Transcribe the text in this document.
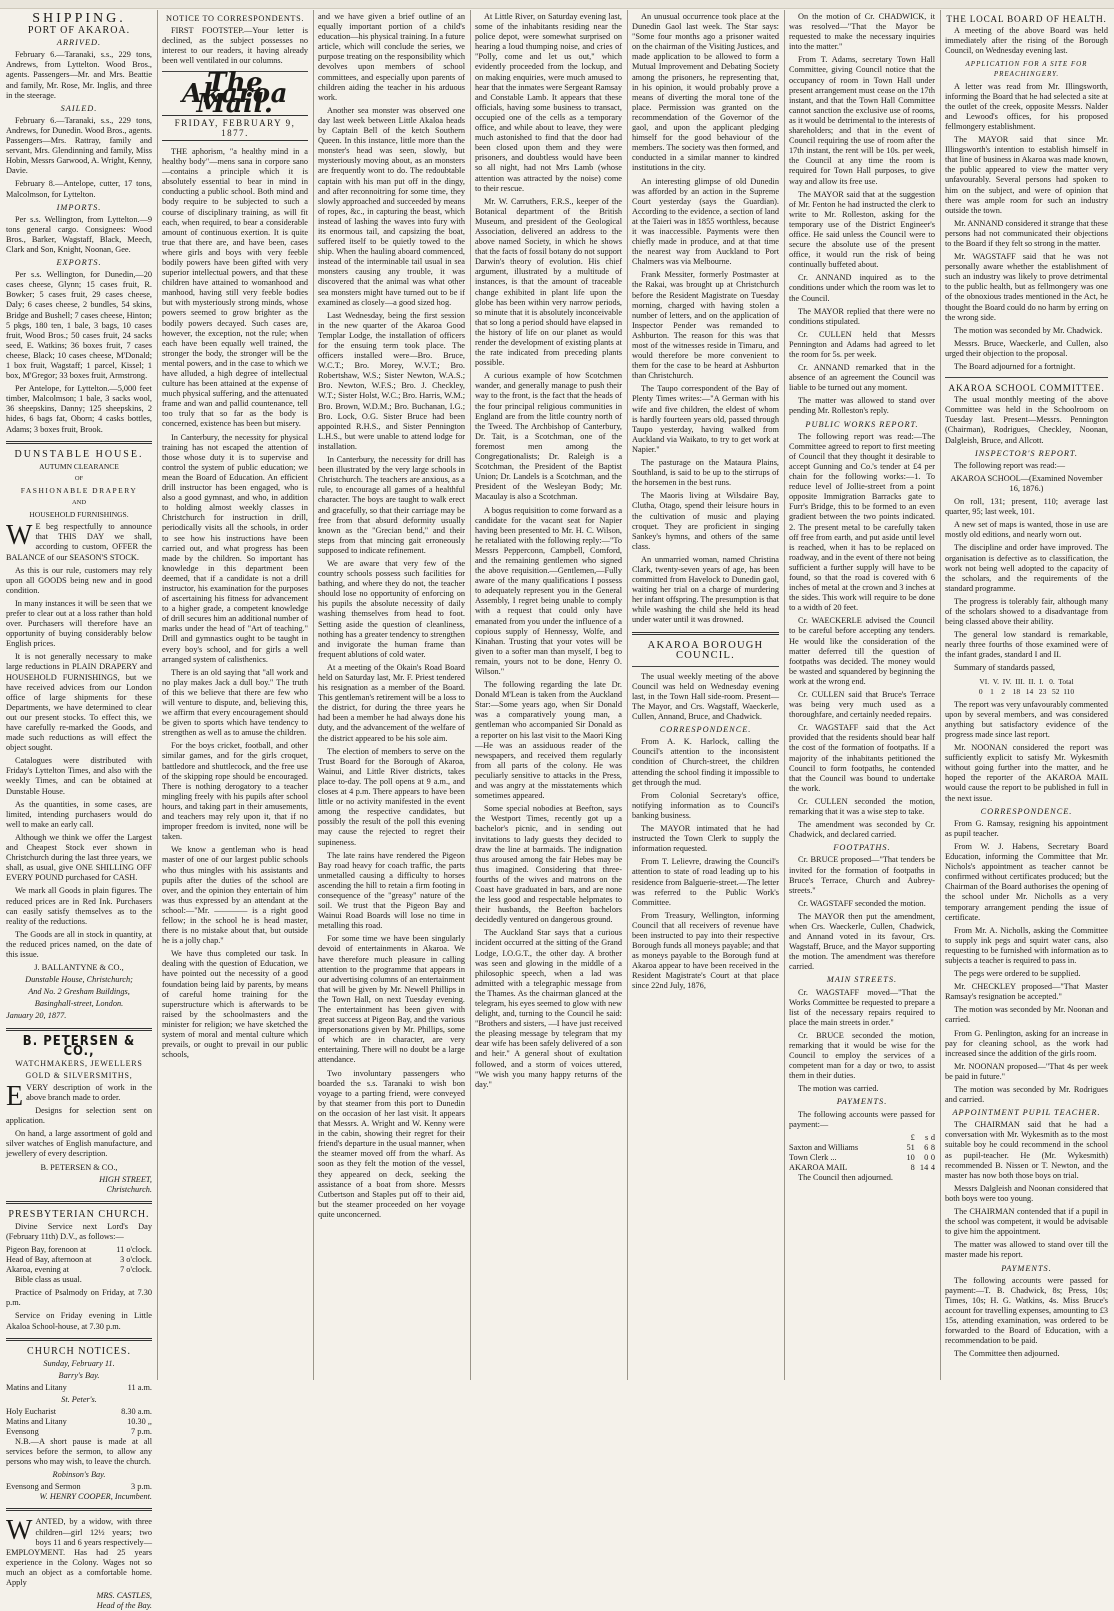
SHIPPING.
PORT OF AKAROA.
ARRIVED.

February 6.—Taranaki, s.s., 229 tons, Andrews, from Lyttelton. Wood Bros., agents. Passengers—Mr. and Mrs. Beattie and family, Mr. Rose, Mr. Inglis, and three in the steerage.

SAILED.

February 6.—Taranaki, s.s., 229 tons, Andrews, for Dunedin. Wood Bros., agents. Passengers—Mrs. Rattray, family and servant, Mrs. Glendinning and family, Miss Hobin, Messrs Garwood, A. Wright, Kenny, Davie.

February 8.—Antelope, cutter, 17 tons, Malcolmson, for Lyttelton.

IMPORTS.

Per s.s. Wellington, from Lyttelton.—9 tons general cargo. Consignees: Wood Bros., Barker, Wagstaff, Black, Meech, Clark and Son, Knight, Noonan, Gee.

EXPORTS.

Per s.s. Wellington, for Dunedin,—20 cases cheese, Glynn; 15 cases fruit, R. Bowker; 5 cases fruit, 29 cases cheese, Daly; 6 cases cheese, 2 bundles, 54 skins, Bridge and Bushell; 7 cases cheese, Hinton; 5 pkgs, 180 ten, 1 bale, 3 bags, 10 cases fruit, Wood Bros.; 50 cases fruit, 24 sacks seed, E. Watkins; 36 boxes fruit, 7 cases cheese, Black; 10 cases cheese, M'Donald; 1 box fruit, Wagstaff; 1 parcel, Kissel; 1 box, M'Gregor; 33 boxes fruit, Armstrong.

Per Antelope, for Lyttelton.—5,000 feet timber, Malcolmson; 1 bale, 3 sacks wool, 36 sheepskins, Danny; 125 sheepskins, 2 hides, 6 bags fat, Oborn; 4 casks bottles, Adams; 3 boxes fruit, Brook.

DUNSTABLE HOUSE.
AUTUMN CLEARANCE
OF
FASHIONABLE DRAPERY
AND
HOUSEHOLD FURNISHINGS.

W E beg respectfully to announce that THIS DAY we shall, according to custom, OFFER the BALANCE of our SEASON'S STOCK.

As this is our rule, customers may rely upon all GOODS being new and in good condition.

In many instances it will be seen that we prefer to clear out at a loss rather than hold over. Purchasers will therefore have an opportunity of buying considerably below English prices.

It is not generally necessary to make large reductions in PLAIN DRAPERY and HOUSEHOLD FURNISHINGS, but we have received advices from our London office of large shipments for these Departments, we have determined to clear out our present stocks. To effect this, we have carefully re-marked the Goods, and made such reductions as will effect the object sought.

Catalogues were distributed with Friday's Lyttelton Times, and also with the weekly Times, and can be obtained at Dunstable House.

As the quantities, in some cases, are limited, intending purchasers would do well to make an early call.

Although we think we offer the Largest and Cheapest Stock ever shown in Christchurch during the last three years, we shall, as usual, give ONE SHILLING OFF EVERY POUND purchased for CASH.

We mark all Goods in plain figures. The reduced prices are in Red Ink. Purchasers can easily satisfy themselves as to the reality of the reductions.

The Goods are all in stock in quantity, at the reduced prices named, on the date of this issue.

J. BALLANTYNE & CO.,
Dunstable House, Christchurch;
And No. 2 Gresham Buildings,
Basinghall-street, London.
January 20, 1877.
B. PETERSEN & CO.,
WATCHMAKERS, JEWELLERS
GOLD & SILVERSMITHS,

EVERY description of work in the above branch made to order.

Designs for selection sent on application.

On hand, a large assortment of gold and silver watches of English manufacture, and jewellery of every description.

B. PETERSEN & CO.,
HIGH STREET,
Christchurch.
PRESBYTERIAN CHURCH.

Divine Service next Lord's Day (February 11th) D.V., as follows:—

Pigeon Bay, forenoon at	11 o'clock.
Head of Bay, afternoon at	3 o'clock.
Akaroa, evening at	7 o'clock.

Bible class as usual.

Practice of Psalmody on Friday, at 7.30 p.m.

Service on Friday evening in Little Akaloa School-house, at 7.30 p.m.

CHURCH NOTICES.
Sunday, February 11.
Barry's Bay.
Matins and Litany	11 a.m.
St. Peter's.
Holy Eucharist	8.30 a.m.
Matins and Litany	10.30 ,,
Evensong	7 p.m.

N.B.—A short pause is made at all services before the sermon, to allow any persons who may wish, to leave the church.

Robinson's Bay.
Evensong and Sermon	3 p.m.
W. HENRY COOPER, Incumbent.

WANTED, by a widow, with three children—girl 12½ years; two boys 11 and 6 years respectively—EMPLOYMENT. Has had 25 years experience in the Colony. Wages not so much an object as a comfortable home. Apply

MRS. CASTLES,
Head of the Bay.
NOTICE TO CORRESPONDENTS.

FIRST FOOTSTEP.—Your letter is declined, as the subject possesses no interest to our readers, it having already been well ventilated in our columns.

The Akaroa Mail.
FRIDAY, FEBRUARY 9, 1877.

THE aphorism, "a healthy mind in a healthy body"—mens sana in corpore sano—contains a principle which it is absolutely essential to bear in mind in conducting a public school. Both mind and body require to be subjected to such a course of disciplinary training, as will fit each, when required, to bear a considerable amount of continuous exertion. It is quite true that there are, and have been, cases where girls and boys with very feeble bodily powers have been gifted with very superior intellectual powers, and that these children have attained to womanhood and manhood, having still very feeble bodies but with mysteriously strong minds, whose powers seemed to grow brighter as the bodily powers decayed. Such cases are, however, the exception, not the rule; when each have been equally well trained, the stronger the body, the stronger will be the mental powers, and in the case to which we have alluded, a high degree of intellectual culture has been attained at the expense of much physical suffering, and the attenuated frame and wan and pallid countenance, tell too truly that so far as the body is concerned, existence has been but misery.

In Canterbury, the necessity for physical training has not escaped the attention of those whose duty it is to supervise and control the system of public education; we mean the Board of Education. An efficient drill instructor has been engaged, who is also a good gymnast, and who, in addition to holding almost weekly classes in Christchurch for instruction in drill, periodically visits all the schools, in order to see how his instructions have been carried out, and what progress has been made by the children. So important has knowledge in this department been deemed, that if a candidate is not a drill instructor, his examination for the purposes of ascertaining his fitness for advancement to a higher grade, a competent knowledge of drill secures him an additional number of marks under the head of "Art of teaching." Drill and gymnastics ought to be taught in every boy's school, and for girls a well arranged system of calisthenics.

There is an old saying that "all work and no play makes Jack a dull boy." The truth of this we believe that there are few who will venture to dispute, and, believing this, we affirm that every encouragement should be given to sports which have tendency to strengthen as well as to amuse the children.

For the boys cricket, football, and other similar games, and for the girls croquet, battledore and shuttlecock, and the free use of the skipping rope should be encouraged. There is nothing derogatory to a teacher mingling freely with his pupils after school hours, and taking part in their amusements, and teachers may rely upon it, that if no improper freedom is invited, none will be taken.

We know a gentleman who is head master of one of our largest public schools who thus mingles with his assistants and pupils after the duties of the school are over, and the opinion they entertain of him was thus expressed by an attendant at the school:—"Mr. ———— is a right good fellow; in the school he is head master, there is no mistake about that, but outside he is a jolly chap."

We have thus completed our task. In dealing with the question of Education, we have pointed out the necessity of a good foundation being laid by parents, by means of careful home training for the superstructure which is afterwards to be raised by the schoolmasters and the minister for religion; we have sketched the system of moral and mental culture which prevails, or ought to prevail in our public schools,

and we have given a brief outline of an equally important portion of a child's education—his physical training. In a future article, which will conclude the series, we purpose treating on the responsibility which devolves upon members of school committees, and especially upon parents of children aiding the teacher in his arduous work.

Another sea monster was observed one day last week between Little Akaloa heads by Captain Bell of the ketch Southern Queen. In this instance, little more than the monster's head was seen, slowly, but mysteriously moving about, as an monsters are frequently wont to do. The redoubtable captain with his man put off in the dingy, and after reconnoitring for some time, they slowly approached and succeeded by means of ropes, &c., in capturing the beast, which instead of lashing the waves into fury with its enormous tail, and capsizing the boat, suffered itself to be quietly towed to the ship. When the hauling aboard commenced, instead of the interminable tail usual in sea monsters causing any trouble, it was discovered that the animal was what other sea monsters might have turned out to be if examined as closely—a good sized hog.

Last Wednesday, being the first session in the new quarter of the Akaroa Good Templar Lodge, the installation of officers for the ensuing term took place. The officers installed were—Bro. Bruce, W.C.T.; Bro. Morey, W.V.T.; Bro. Robertshaw, W.S.; Sister Newton, W.A.S.; Bro. Newton, W.F.S.; Bro. J. Checkley, W.T.; Sister Holst, W.C.; Bro. Harris, W.M.; Bro. Brown, W.D.M.; Bro. Buchanan, I.G.; Bro. Lock, O.G. Sister Bruce had been appointed R.H.S., and Sister Pennington L.H.S., but were unable to attend lodge for installation.

In Canterbury, the necessity for drill has been illustrated by the very large schools in Christchurch. The teachers are anxious, as a rule, to encourage all games of a healthful character. The boys are taught to walk erect and gracefully, so that their carriage may be free from that absurd deformity usually known as the "Grecian bend," and their steps from that mincing gait erroneously supposed to indicate refinement.

We are aware that very few of the country schools possess such facilities for bathing, and where they do not, the teacher should lose no opportunity of enforcing on his pupils the absolute necessity of daily washing themselves from head to foot. Setting aside the question of cleanliness, nothing has a greater tendency to strengthen and invigorate the human frame than frequent ablutions of cold water.

At a meeting of the Okain's Road Board held on Saturday last, Mr. F. Priest tendered his resignation as a member of the Board. This gentleman's retirement will be a loss to the district, for during the three years he had been a member he had always done his duty, and the advancement of the welfare of the district appeared to be his sole aim.

The election of members to serve on the Trust Board for the Borough of Akaroa, Wainui, and Little River districts, takes place to-day. The poll opens at 9 a.m., and closes at 4 p.m. There appears to have been little or no activity manifested in the event among the respective candidates, but possibly the result of the poll this evening may cause the rejected to regret their supineness.

The late rains have rendered the Pigeon Bay road heavy for coach traffic, the parts unmetalled causing a difficulty to horses ascending the hill to retain a firm footing in consequence of the "greasy" nature of the soil. We trust that the Pigeon Bay and Wainui Road Boards will lose no time in metalling this road.

For some time we have been singularly devoid of entertainments in Akaroa. We have therefore much pleasure in calling attention to the programme that appears in our advertising columns of an entertainment that will be given by Mr. Newell Phillips in the Town Hall, on next Tuesday evening. The entertainment has been given with great success at Pigeon Bay, and the various impersonations given by Mr. Phillips, some of which are in character, are very entertaining. There will no doubt be a large attendance.

Two involuntary passengers who boarded the s.s. Taranaki to wish bon voyage to a parting friend, were conveyed by that steamer from this port to Dunedin on the occasion of her last visit. It appears that Messrs. A. Wright and W. Kenny were in the cabin, showing their regret for their friend's departure in the usual manner, when the steamer moved off from the wharf. As soon as they felt the motion of the vessel, they appeared on deck, seeking the assistance of a boat from shore. Messrs Cutbertson and Staples put off to their aid, but the steamer proceeded on her voyage quite unconcerned.

At Little River, on Saturday evening last, some of the inhabitants residing near the police depot, were somewhat surprised on hearing a loud thumping noise, and cries of "Polly, come and let us out," which evidently proceeded from the lockup, and on making enquiries, were much amused to hear that the inmates were Sergeant Ramsay and Constable Lamb. It appears that these officials, having some business to transact, occupied one of the cells as a temporary office, and while about to leave, they were much astonished to find that the door had been closed upon them and they were prisoners, and doubtless would have been so all night, had not Mrs Lamb (whose attention was attracted by the noise) come to their rescue.

Mr. W. Carruthers, F.R.S., keeper of the Botanical department of the British Museum, and president of the Geological Association, delivered an address to the above named Society, in which he shows that the facts of fossil botany do not support Darwin's theory of evolution. His chief argument, illustrated by a multitude of instances, is that the amount of traceable change exhibited in plant life upon the globe has been within very narrow periods, so minute that it is absolutely inconceivable that so long a period should have elapsed in the history of life on our planet as would render the development of existing plants at the rate indicated from preceding plants possible.

A curious example of how Scotchmen wander, and generally manage to push their way to the front, is the fact that the heads of the four principal religious communities in England are from the little country north of the Tweed. The Archbishop of Canterbury, Dr. Tait, is a Scotchman, one of the foremost men among the Congregationalists; Dr. Raleigh is a Scotchman, the President of the Baptist Union; Dr. Landels is a Scotchman, and the President of the Wesleyan Body; Mr. Macaulay is also a Scotchman.

A bogus requisition to come forward as a candidate for the vacant seat for Napier having been presented to Mr. H. C. Wilson, he retaliated with the following reply:—"To Messrs Pepperconn, Campbell, Comford, and the remaining gentlemen who signed the above requisition.—Gentlemen,—Fully aware of the many qualifications I possess to adequately represent you in the General Assembly, I regret being unable to comply with a request that could only have emanated from you under the influence of a copious supply of Hennessy, Wolfe, and Kinahan. Trusting that your votes will be given to a softer man than myself, I beg to remain, yours not to be done, Henry O. Wilson."

The following regarding the late Dr. Donald M'Lean is taken from the Auckland Star:—Some years ago, when Sir Donald was a comparatively young man, a gentleman who accompanied Sir Donald as a reporter on his last visit to the Maori King—He was an assiduous reader of the newspapers, and received them regularly from all parts of the colony. He was peculiarly sensitive to attacks in the Press, and was angry at the misstatements which sometimes appeared.

Some special nobodies at Beefton, says the Westport Times, recently got up a bachelor's picnic, and in sending out invitations to lady guests they decided to draw the line at barmaids. The indignation thus aroused among the fair Hebes may be thus imagined. Considering that three-fourths of the wives and matrons on the Coast have graduated in bars, and are none the less good and respectable helpmates to their husbands, the Beefton bachelors decidedly ventured on dangerous ground.

The Auckland Star says that a curious incident occurred at the sitting of the Grand Lodge, I.O.G.T., the other day. A brother was seen and glowing in the middle of a philosophic speech, when a lad was admitted with a telegraphic message from the Thames. As the chairman glanced at the telegram, his eyes seemed to glow with new delight, and, turning to the Council he said: "Brothers and sisters, —I have just received the pleasing message by telegram that my dear wife has been safely delivered of a son and heir." A general shout of exultation followed, and a storm of voices uttered, "We wish you many happy returns of the day."

An unusual occurrence took place at the Dunedin Gaol last week. The Star says: "Some four months ago a prisoner waited on the chairman of the Visiting Justices, and made application to be allowed to form a Mutual Improvement and Debating Society among the prisoners, he representing that, in his opinion, it would probably prove a means of diverting the moral tone of the place. Permission was granted on the recommendation of the Governor of the gaol, and upon the applicant pledging himself for the good behaviour of the members. The society was then formed, and conducted in a similar manner to kindred institutions in the city.

An interesting glimpse of old Dunedin was afforded by an action in the Supreme Court yesterday (says the Guardian). According to the evidence, a section of land at the Taieri was in 1855 worthless, because it was inaccessible. Payments were then chiefly made in produce, and at that time the nearest way from Auckland to Port Chalmers was via Melbourne.

Frank Messiter, formerly Postmaster at the Rakai, was brought up at Christchurch before the Resident Magistrate on Tuesday morning, charged with having stolen a number of letters, and on the application of Inspector Pender was remanded to Ashburton. The reason for this was that most of the witnesses reside in Timaru, and would therefore be more convenient to them for the case to be heard at Ashburton than Christchurch.

The Taupo correspondent of the Bay of Plenty Times writes:—"A German with his wife and five children, the eldest of whom is hardly fourteen years old, passed through Taupo yesterday, having walked from Auckland via Waikato, to try to get work at Napier."

The pasturage on the Mataura Plains, Southland, is said to be up to the stirrups of the horsemen in the best runs.

The Maoris living at Wilsdaire Bay, Clutha, Otago, spend their leisure hours in the cultivation of music and playing croquet. They are proficient in singing Sankey's hymns, and others of the same class.

An unmarried woman, named Christina Clark, twenty-seven years of age, has been committed from Havelock to Dunedin gaol, waiting her trial on a charge of murdering her infant offspring. The presumption is that while washing the child she held its head under water until it was drowned.

AKAROA BOROUGH COUNCIL.

The usual weekly meeting of the above Council was held on Wednesday evening last, in the Town Hall side-room. Present—The Mayor, and Crs. Wagstaff, Waeckerle, Cullen, Annand, Bruce, and Chadwick.

CORRESPONDENCE.

From A. K. Harlock, calling the Council's attention to the inconsistent condition of Church-street, the children attending the school finding it impossible to get through the mud.

From Colonial Secretary's office, notifying information as to Council's banking business.

The MAYOR intimated that he had instructed the Town Clerk to supply the information requested.

From T. Lelievre, drawing the Council's attention to state of road leading up to his residence from Balguerie-street.—The letter was referred to the Public Work's Committee.

From Treasury, Wellington, informing Council that all receivers of revenue have been instructed to pay into their respective Borough funds all moneys payable; and that as moneys payable to the Borough fund at Akaroa appear to have been received in the Resident Magistrate's Court at that place since 22nd July, 1876,

On the motion of Cr. CHADWICK, it was resolved—"That the Mayor be requested to make the necessary inquiries into the matter."

From T. Adams, secretary Town Hall Committee, giving Council notice that the occupancy of room in Town Hall under present arrangement must cease on the 17th instant, and that the Town Hall Committee cannot sanction the exclusive use of rooms, as it would be detrimental to the interests of shareholders; and that in the event of Council requiring the use of room after the 17th instant, the rent will be 10s. per week, the Council at any time the room is required for Town Hall purposes, to give way and allow its free use.

The MAYOR said that at the suggestion of Mr. Fenton he had instructed the clerk to write to Mr. Rolleston, asking for the temporary use of the District Engineer's office. He said unless the Council were to secure the absolute use of the present office, it would run the risk of being continually buffeted about.

Cr. ANNAND inquired as to the conditions under which the room was let to the Council.

The MAYOR replied that there were no conditions stipulated.

Cr. CULLEN held that Messrs Pennington and Adams had agreed to let the room for 5s. per week.

Cr. ANNAND remarked that in the absence of an agreement the Council was liable to be turned out any moment.

The matter was allowed to stand over pending Mr. Rolleston's reply.

PUBLIC WORKS REPORT.

The following report was read:—The Committee agreed to report to first meeting of Council that they thought it desirable to accept Gunning and Co.'s tender at £4 per chain for the following works:—1. To reduce level of Jollie-street from a point opposite Immigration Barracks gate to Furr's Bridge, this to be formed to an even gradient between the two points indicated. 2. The present metal to be carefully taken off free from earth, and put aside until level is reached, when it has to be replaced on roadway, and in the event of there not being sufficient a further supply will have to be found, so that the road is covered with 6 inches of metal at the crown and 3 inches at the sides. This work will require to be done to a width of 20 feet.

Cr. WAECKERLE advised the Council to be careful before accepting any tenders. He would like the consideration of the matter deferred till the question of footpaths was decided. The money would be wasted and squandered by beginning the work at the wrong end.

Cr. CULLEN said that Bruce's Terrace was being very much used as a thoroughfare, and certainly needed repairs.

Cr. WAGSTAFF said that the Act provided that the residents should bear half the cost of the formation of footpaths. If a majority of the inhabitants petitioned the Council to form footpaths, he contended that the Council was bound to undertake the work.

Cr. CULLEN seconded the motion, remarking that it was a wise step to take.

The amendment was seconded by Cr. Chadwick, and declared carried.

FOOTPATHS.

Cr. BRUCE proposed—"That tenders be invited for the formation of footpaths in Bruce's Terrace, Church and Aubrey-streets."

Cr. WAGSTAFF seconded the motion.

The MAYOR then put the amendment, when Crs. Waeckerle, Cullen, Chadwick, and Annand voted in its favour, Crs. Wagstaff, Bruce, and the Mayor supporting the motion. The amendment was therefore carried.

MAIN STREETS.

Cr. WAGSTAFF moved—"That the Works Committee be requested to prepare a list of the necessary repairs required to place the main streets in order."

Cr. BRUCE seconded the motion, remarking that it would be wise for the Council to employ the services of a competent man for a day or two, to assist them in their duties.

The motion was carried.

PAYMENTS.

The following accounts were passed for payment:—

	£	s	d
Saxton and Williams	51	6	8
Town Clerk ...	10	0	0
AKAROA MAIL	8	14	4

The Council then adjourned.

THE LOCAL BOARD OF HEALTH.

A meeting of the above Board was held immediately after the rising of the Borough Council, on Wednesday evening last.

APPLICATION FOR A SITE FOR PREACHINGERY.

A letter was read from Mr. Illingsworth, informing the Board that he had selected a site at the outlet of the creek, opposite Messrs. Nalder and Lewood's offices, for his proposed fellmongery establishment.

The MAYOR said that since Mr. Illingsworth's intention to establish himself in that line of business in Akaroa was made known, the public appeared to view the matter very unfavourably. Several persons had spoken to him on the subject, and were of opinion that there was ample room for such an industry outside the town.

Mr. ANNAND considered it strange that these persons had not communicated their objections to the Board if they felt so strong in the matter.

Mr. WAGSTAFF said that he was not personally aware whether the establishment of such an industry was likely to prove detrimental to the public health, but as fellmongery was one of the obnoxious trades mentioned in the Act, he thought the Board could do no harm by erring on the wrong side.

The motion was seconded by Mr. Chadwick.

Messrs. Bruce, Waeckerle, and Cullen, also urged their objection to the proposal.

The Board adjourned for a fortnight.

AKAROA SCHOOL COMMITTEE.

The usual monthly meeting of the above Committee was held in the Schoolroom on Tuesday last. Present—Messrs. Pennington (Chairman), Rodrigues, Checkley, Noonan, Dalgleish, Bruce, and Allcott.

INSPECTOR'S REPORT.

The following report was read:—

AKAROA SCHOOL—(Examined November 16, 1876.)

On roll, 131; present, 110; average last quarter, 95; last week, 101.

A new set of maps is wanted, those in use are mostly old editions, and nearly worn out.

The discipline and order have improved. The organisation is defective as to classification, the work not being well adopted to the capacity of the scholars, and the requirements of the standard programme.

The progress is tolerably fair, although many of the scholars showed to a disadvantage from being classed above their ability.

The general low standard is remarkable, nearly three fourths of those examined were of the infant grades, standard I and II.

Summary of standards passed,

VI.  V.  IV.  III.  II.  I.   0.  Total
0    1    2    18   14   23   52  110

The report was very unfavourably commented upon by several members, and was considered anything but satisfactory evidence of the progress made since last report.

Mr. NOONAN considered the report was sufficiently explicit to satisfy Mr. Wykesmith without going further into the matter, and he hoped the reporter of the AKAROA MAIL would cause the report to be published in full in the next issue.

CORRESPONDENCE.

From G. Ramsay, resigning his appointment as pupil teacher.

From W. J. Habens, Secretary Board Education, informing the Committee that Mr. Nichols's appointment as teacher cannot be confirmed without certificates produced; but the Chairman of the Board authorises the opening of the school under Mr. Nicholls as a very temporary arrangement pending the issue of certificate.

From Mr. A. Nicholls, asking the Committee to supply ink pegs and squirt water cans, also requesting to be furnished with information as to subjects a teacher is required to pass in.

The pegs were ordered to be supplied.

Mr. CHECKLEY proposed—"That Master Ramsay's resignation be accepted."

The motion was seconded by Mr. Noonan and carried.

From G. Penlington, asking for an increase in pay for cleaning school, as the work had increased since the addition of the girls room.

Mr. NOONAN proposed—"That 4s per week be paid in future."

The motion was seconded by Mr. Rodrigues and carried.

APPOINTMENT PUPIL TEACHER.

The CHAIRMAN said that he had a conversation with Mr. Wykesmith as to the most suitable boy he could recommend in the school as pupil-teacher. He (Mr. Wykesmith) recommended B. Nissen or T. Newton, and the master has now both those boys on trial.

Messrs Dalgleish and Noonan considered that both boys were too young.

The CHAIRMAN contended that if a pupil in the school was competent, it would be advisable to give him the appointment.

The matter was allowed to stand over till the master made his report.

PAYMENTS.

The following accounts were passed for payment:—T. B. Chadwick, 8s; Press, 10s; Times, 10s; H. G. Watkins, 4s. Miss Bruce's account for travelling expenses, amounting to £3 15s, attending examination, was ordered to be forwarded to the Board of Education, with a recommendation to be paid.

The Committee then adjourned.
